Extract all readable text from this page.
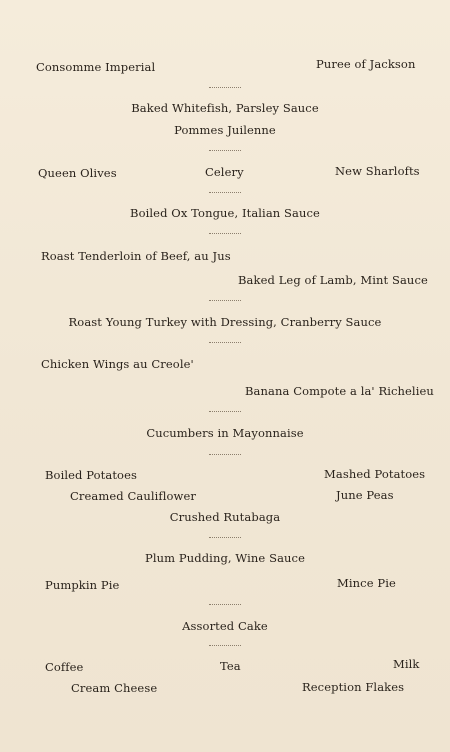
Consomme Imperial	Puree of Jackson
Baked Whitefish, Parsley Sauce
Pommes Juilenne
Queen Olives	Celery	New Sharlofts
Boiled Ox Tongue, Italian Sauce
Roast Tenderloin of Beef, au Jus
Baked Leg of Lamb, Mint Sauce
Roast Young Turkey with Dressing, Cranberry Sauce
Chicken Wings au Creole'
Banana Compote a la' Richelieu
Cucumbers in Mayonnaise
Boiled Potatoes	Mashed Potatoes
Creamed Cauliflower	June Peas
Crushed Rutabaga
Plum Pudding, Wine Sauce
Pumpkin Pie	Mince Pie
Assorted Cake
Coffee	Tea	Milk
Cream Cheese	Reception Flakes
